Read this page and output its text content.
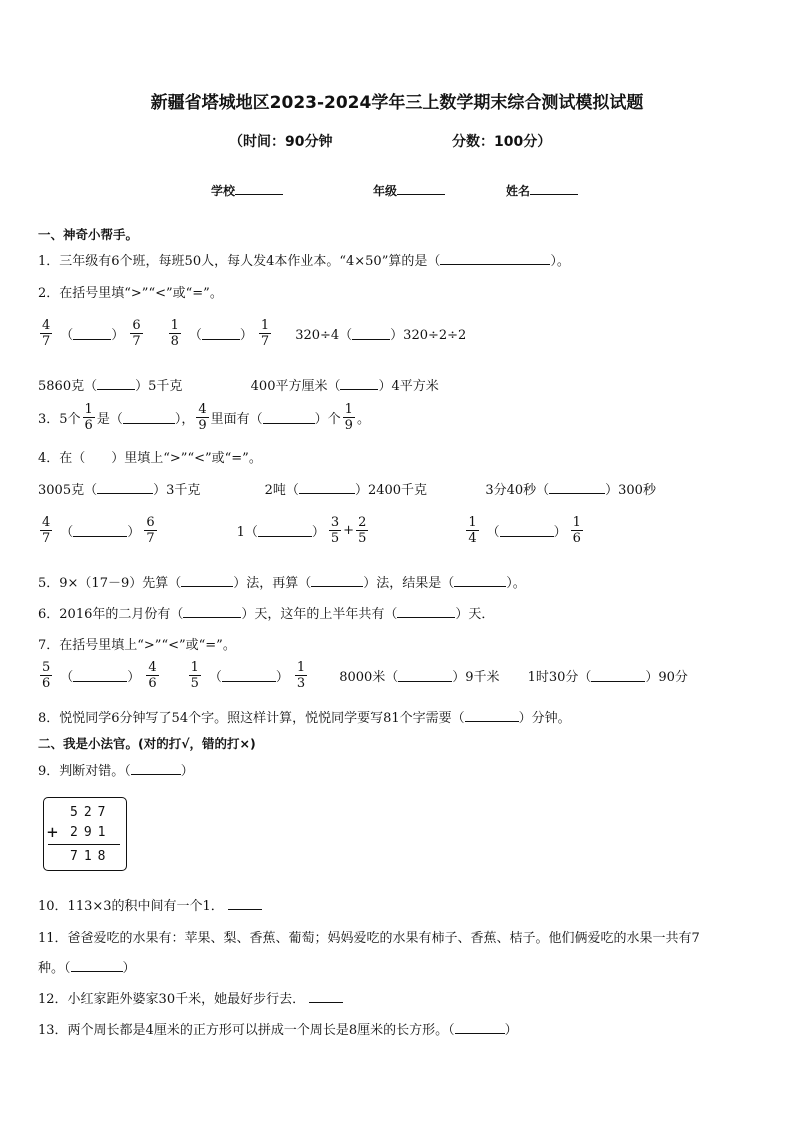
新疆省塔城地区2023-2024学年三上数学期末综合测试模拟试题
（时间：90分钟	分数：100分）
学校	年级	姓名
一、神奇小帮手。
1．三年级有6个班，每班50人，每人发4本作业本。“4×50”算的是（	）。
2．在括号里填“>”“<”或“=”。
$\frac{4}{7}$ （	） $\frac{6}{7} \frac{1}{8}$ （	） $\frac{1}{7} 320\div 4$（	）320÷2÷2
5860克（	）5千克	400平方厘米（	）4平方米
3．5个 $\frac{1}{6}$ 是（	）， $\frac{4}{9}$ 里面有（	）个 $\frac{1}{9}$ 。
4．在（　　）里填上“>”“<”或“=”。
3005克（	）3千克	2吨（	）2400千克	3分40秒（	）300秒
$\frac{4}{7}$ （	） $\frac{6}{7}$	1（	） $\frac{3}{5} + \frac{2}{5}$	$\frac{1}{4}$ （	） $\frac{1}{6}$
5．9×（17－9）先算（	）法，再算（	）法，结果是（	）。
6．2016年的二月份有（	）天，这年的上半年共有（	）天．
7．在括号里填上“>”“<”或“=”。
$\frac{5}{6}$ （	） $\frac{4}{6} \frac{1}{5}$ （	） $\frac{1}{3} 8000$米（	）9千米 1时30分（	）90分
8．悦悦同学6分钟写了54个字。照这样计算，悦悦同学要写81个字需要（	）分钟。
二、我是小法官。(对的打√，错的打×)
9．判断对错。（	）
527
+ 291
718
10．113×3的积中间有一个1．
11．爸爸爱吃的水果有：苹果、梨、香蕉、葡萄；妈妈爱吃的水果有柿子、香蕉、桔子。他们俩爱吃的水果一共有7
种。（	）
12．小红家距外婆家30千米，她最好步行去．
13．两个周长都是4厘米的正方形可以拼成一个周长是8厘米的长方形。（	）
